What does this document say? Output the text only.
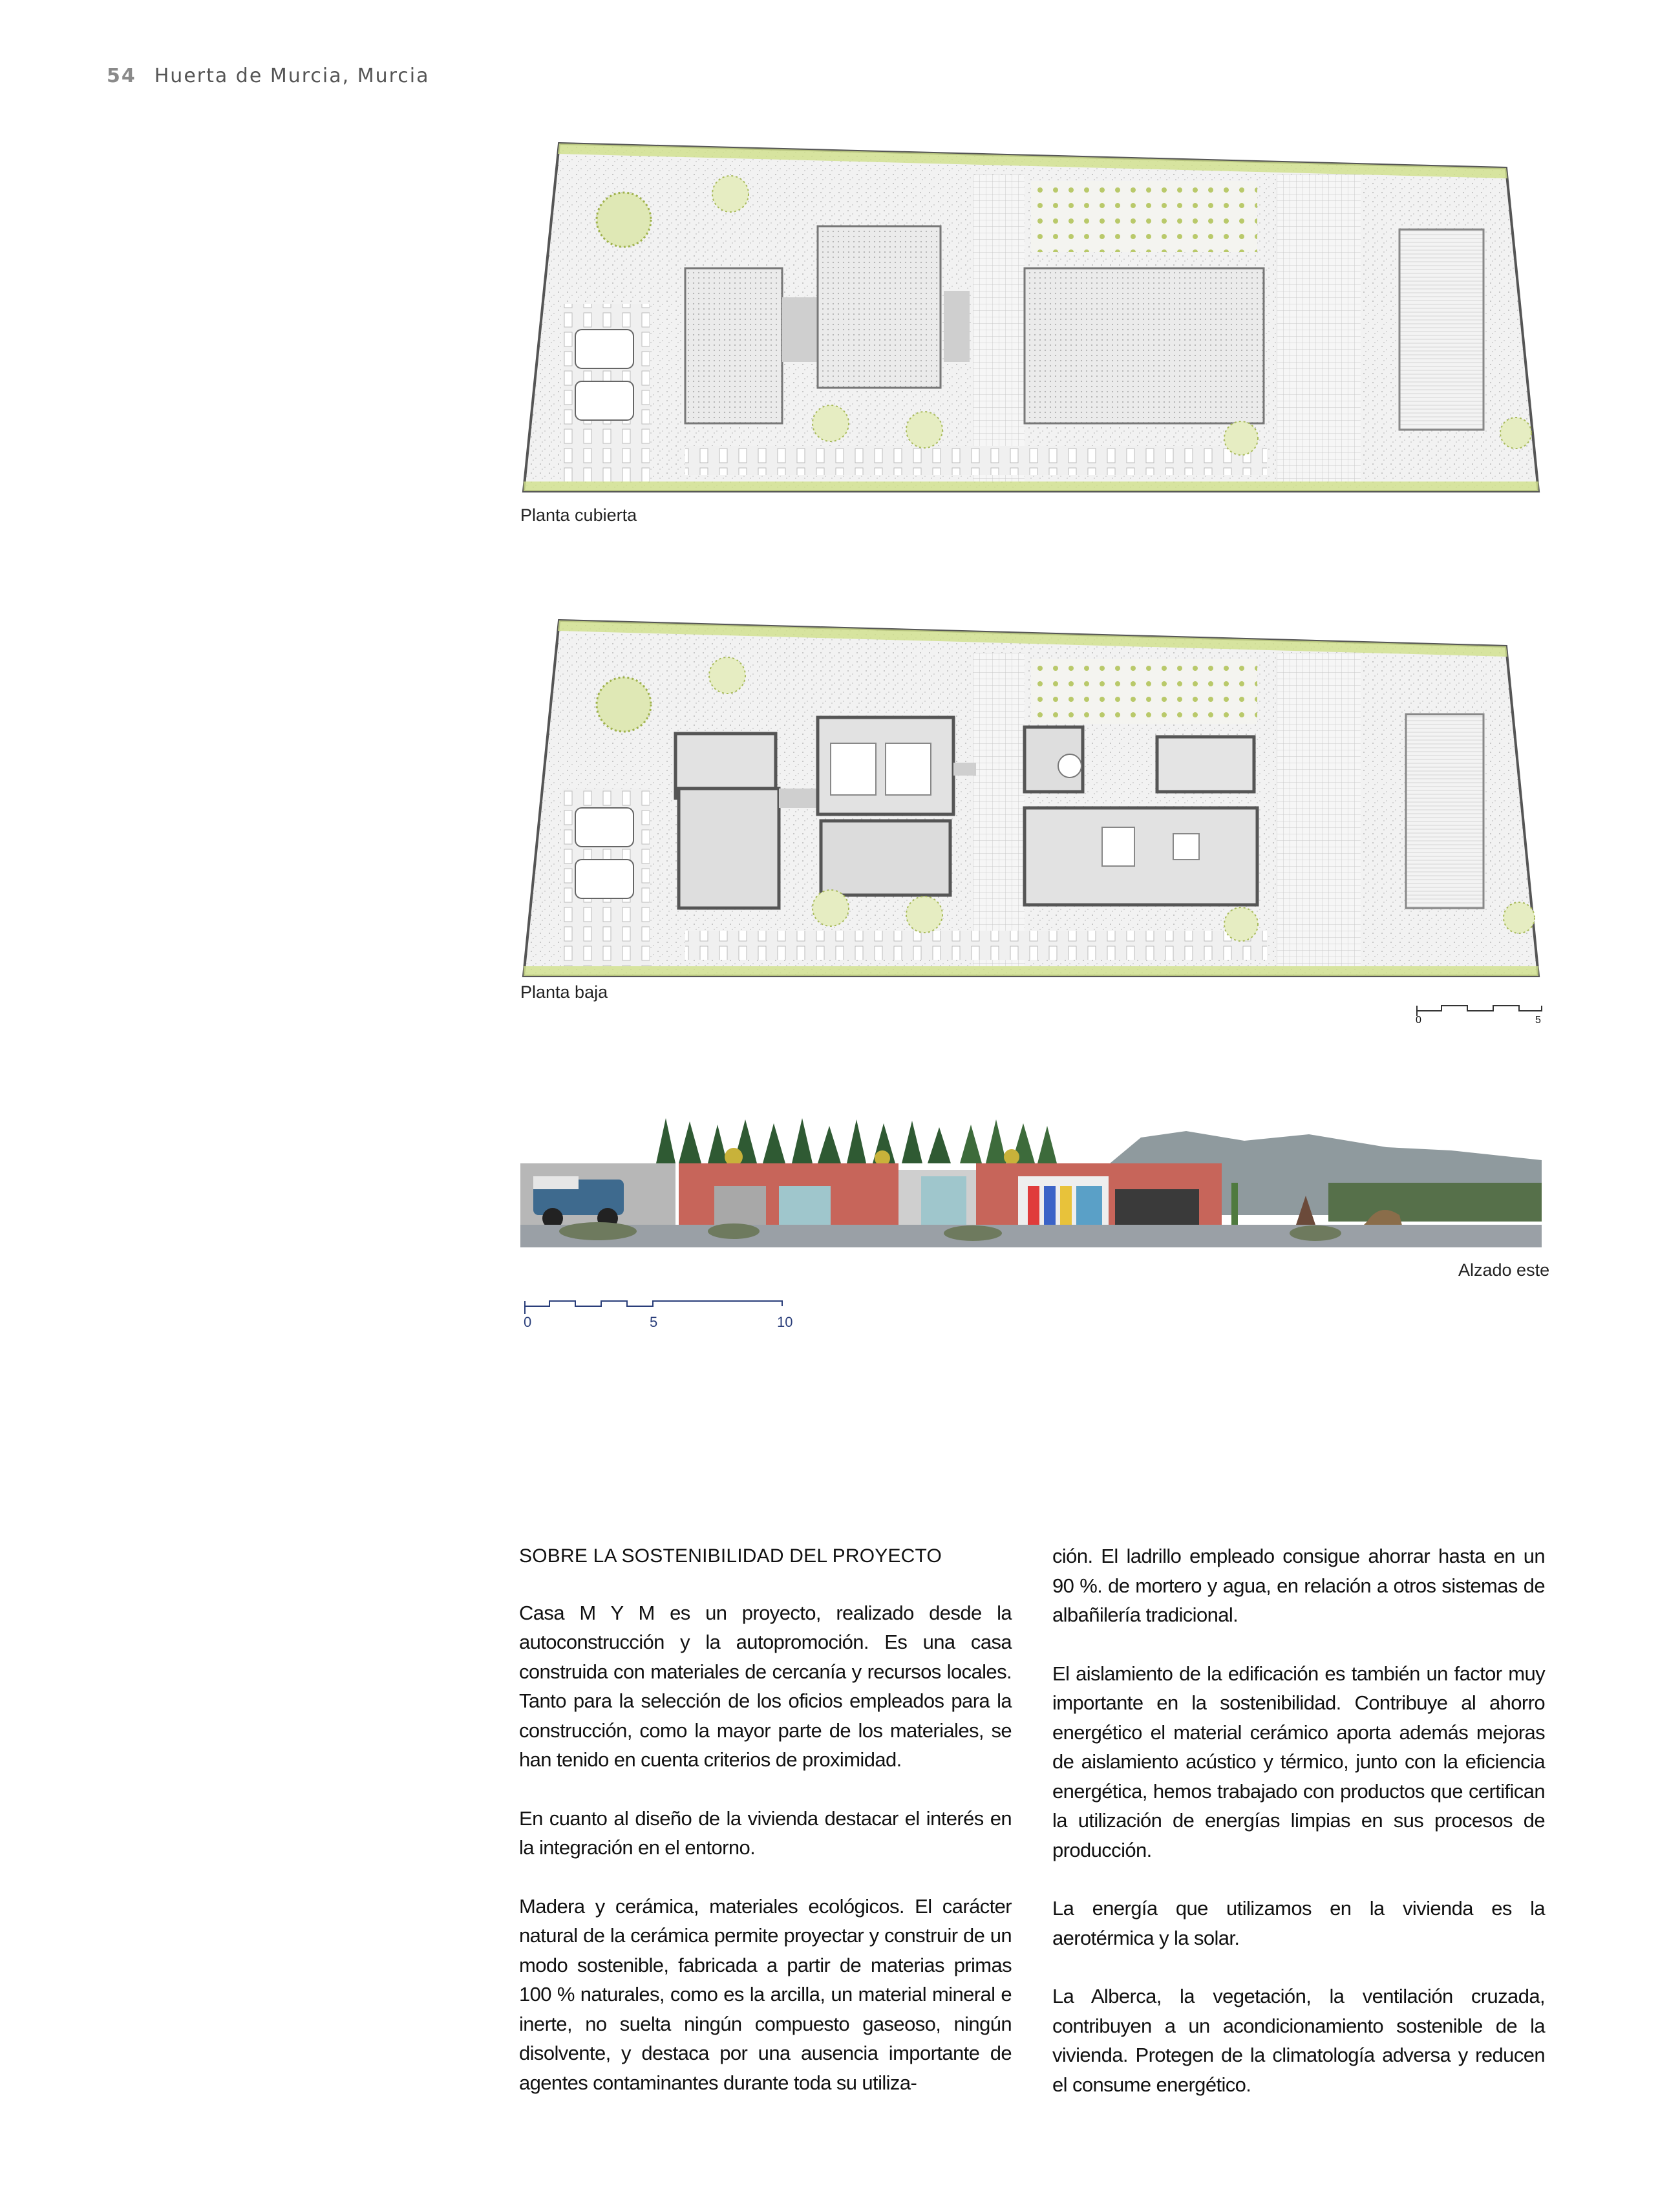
54 Huerta de Murcia, Murcia
Planta cubierta
Planta baja
0	5
Alzado este
0	5	10
SOBRE LA SOSTENIBILIDAD DEL PROYECTO

Casa M Y M es un proyecto, realizado desde la autoconstrucción y la autopromoción. Es una casa construida con materiales de cercanía y recursos locales. Tanto para la selección de los oficios empleados para la construcción, como la mayor parte de los materiales, se han tenido en cuenta criterios de proximidad.

En cuanto al diseño de la vivienda destacar el interés en la integración en el entorno.

Madera y cerámica, materiales ecológicos. El carácter natural de la cerámica permite proyectar y construir de un modo sostenible, fabricada a partir de materias primas 100 % naturales, como es la arcilla, un material mineral e inerte, no suelta ningún compuesto gaseoso, ningún disolvente, y destaca por una ausencia importante de agentes contaminantes durante toda su utiliza-

ción. El ladrillo empleado consigue ahorrar hasta en un 90 %. de mortero y agua, en relación a otros sistemas de albañilería tradicional.

El aislamiento de la edificación es también un factor muy importante en la sostenibilidad. Contribuye al ahorro energético el material cerámico aporta además mejoras de aislamiento acústico y térmico, junto con la eficiencia energética, hemos trabajado con productos que certifican la utilización de energías limpias en sus procesos de producción.

La energía que utilizamos en la vivienda es la aerotérmica y la solar.

La Alberca, la vegetación, la ventilación cruzada, contribuyen a un acondicionamiento sostenible de la vivienda. Protegen de la climatología adversa y reducen el consume energético.
